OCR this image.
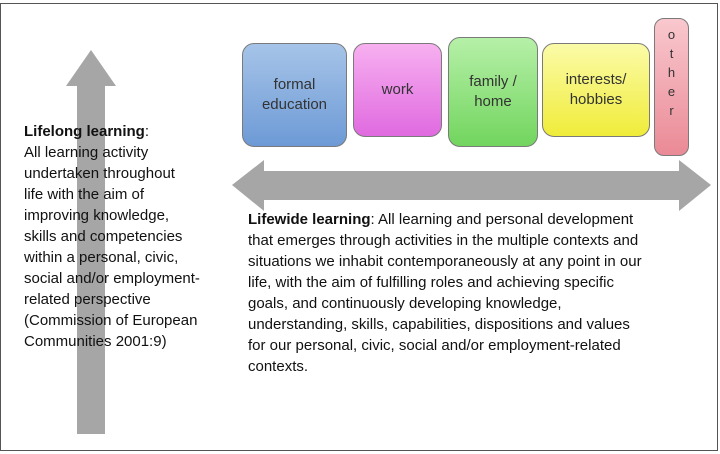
formal
education
work	family /
home
interests/
hobbies
o
t
h
e
r
Lifelong learning:
All learning activity
undertaken throughout
life with the aim of
improving knowledge,
skills and competencies
within a personal, civic,
social and/or employment-
related perspective
(Commission of European
Communities 2001:9)
Lifewide learning: All learning and personal development
that emerges through activities in the multiple contexts and
situations we inhabit contemporaneously at any point in our
life, with the aim of fulfilling roles and achieving specific
goals, and continuously developing knowledge,
understanding, skills, capabilities, dispositions and values
for our personal, civic, social and/or employment-related
contexts.
